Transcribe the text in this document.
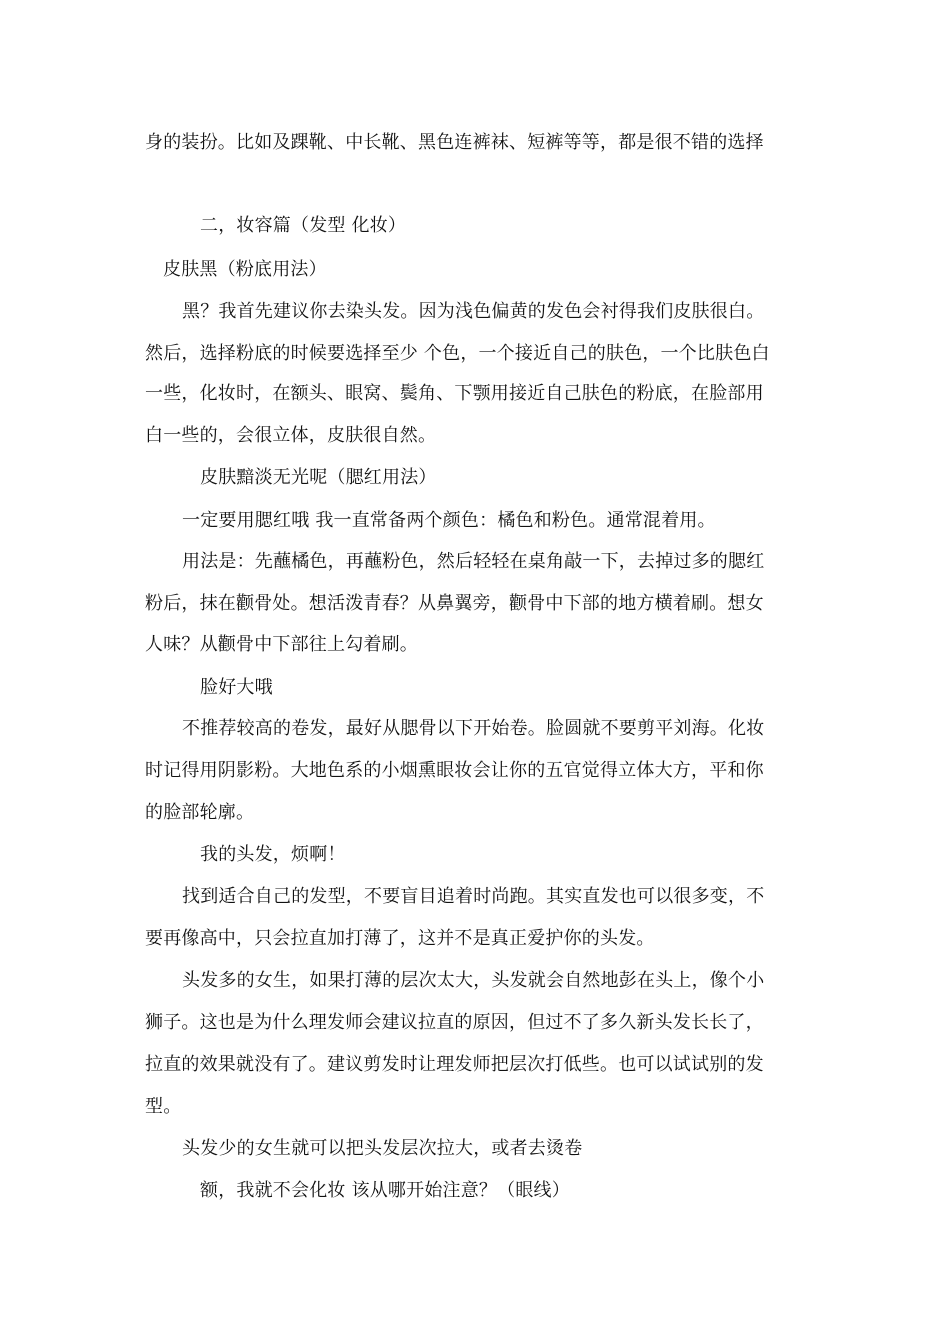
身的装扮。比如及踝靴、中长靴、黑色连裤袜、短裤等等，都是很不错的选择
二，妆容篇（发型 化妆）
皮肤黑（粉底用法）
黑？我首先建议你去染头发。因为浅色偏黄的发色会衬得我们皮肤很白。
然后，选择粉底的时候要选择至少 个色，一个接近自己的肤色，一个比肤色白
一些，化妆时，在额头、眼窝、鬓角、下颚用接近自己肤色的粉底，在脸部用
白一些的，会很立体，皮肤很自然。
皮肤黯淡无光呢（腮红用法）
一定要用腮红哦 我一直常备两个颜色：橘色和粉色。通常混着用。
用法是：先蘸橘色，再蘸粉色，然后轻轻在桌角敲一下，去掉过多的腮红
粉后，抹在颧骨处。想活泼青春？从鼻翼旁，颧骨中下部的地方横着刷。想女
人味？从颧骨中下部往上勾着刷。
脸好大哦
不推荐较高的卷发，最好从腮骨以下开始卷。脸圆就不要剪平刘海。化妆
时记得用阴影粉。大地色系的小烟熏眼妆会让你的五官觉得立体大方，平和你
的脸部轮廓。
我的头发，烦啊！
找到适合自己的发型，不要盲目追着时尚跑。其实直发也可以很多变，不
要再像高中，只会拉直加打薄了，这并不是真正爱护你的头发。
头发多的女生，如果打薄的层次太大，头发就会自然地彭在头上，像个小
狮子。这也是为什么理发师会建议拉直的原因，但过不了多久新头发长长了，
拉直的效果就没有了。建议剪发时让理发师把层次打低些。也可以试试别的发
型。
头发少的女生就可以把头发层次拉大，或者去烫卷
额，我就不会化妆 该从哪开始注意？（眼线）
